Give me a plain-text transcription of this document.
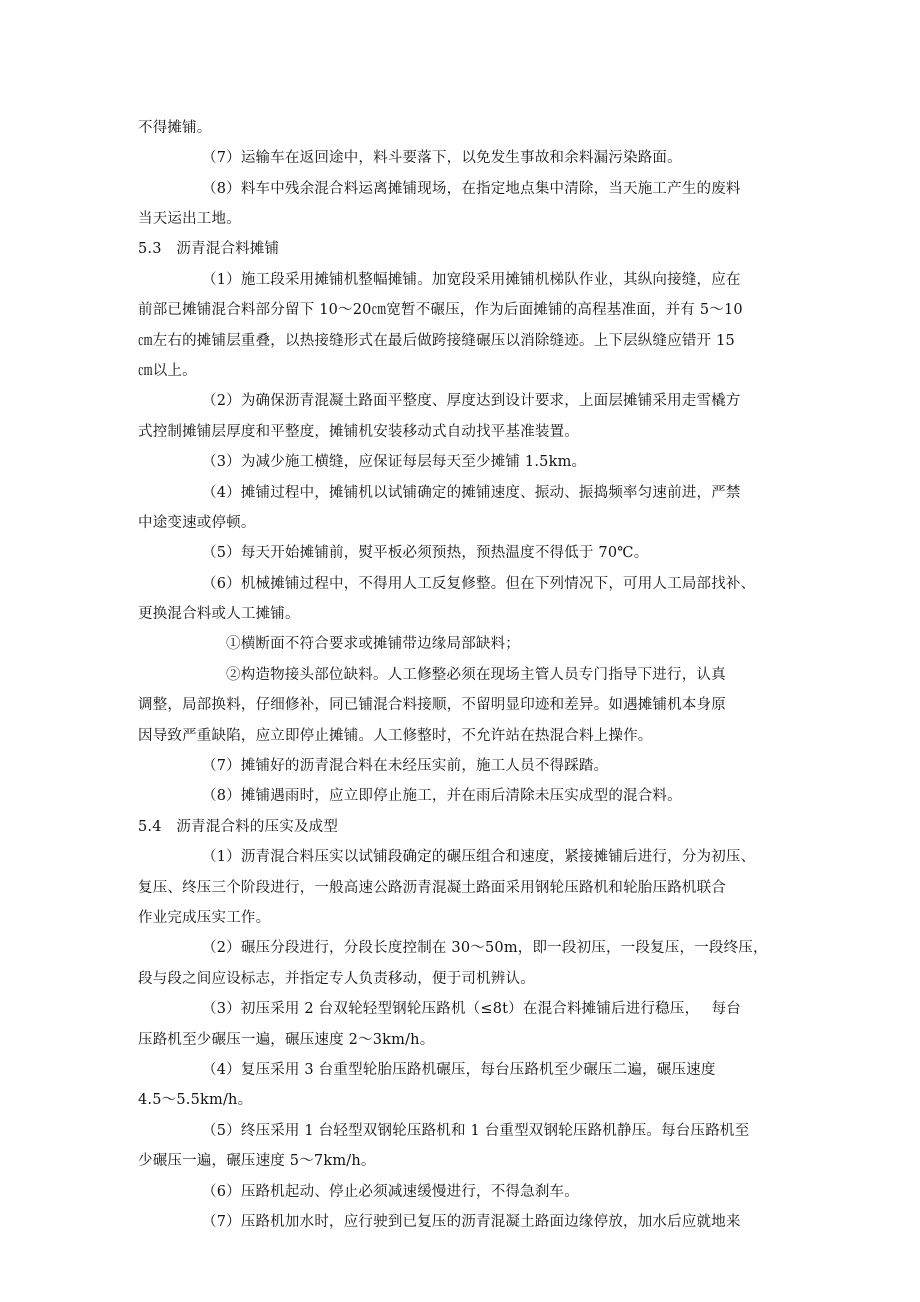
不得摊铺。
（7）运输车在返回途中，料斗要落下，以免发生事故和余料漏污染路面。
（8）料车中残余混合料运离摊铺现场，在指定地点集中清除，当天施工产生的废料
当天运出工地。
5.3　沥青混合料摊铺
（1）施工段采用摊铺机整幅摊铺。加宽段采用摊铺机梯队作业，其纵向接缝，应在
前部已摊铺混合料部分留下 10～20㎝宽暂不碾压，作为后面摊铺的高程基准面，并有 5～10
㎝左右的摊铺层重叠，以热接缝形式在最后做跨接缝碾压以消除缝迹。上下层纵缝应错开 15
㎝以上。
（2）为确保沥青混凝土路面平整度、厚度达到设计要求，上面层摊铺采用走雪橇方
式控制摊铺层厚度和平整度，摊铺机安装移动式自动找平基准装置。
（3）为减少施工横缝，应保证每层每天至少摊铺 1.5km。
（4）摊铺过程中，摊铺机以试铺确定的摊铺速度、振动、振捣频率匀速前进，严禁
中途变速或停顿。
（5）每天开始摊铺前，熨平板必须预热，预热温度不得低于 70℃。
（6）机械摊铺过程中，不得用人工反复修整。但在下列情况下，可用人工局部找补、
更换混合料或人工摊铺。
①横断面不符合要求或摊铺带边缘局部缺料；
②构造物接头部位缺料。人工修整必须在现场主管人员专门指导下进行，认真
调整，局部换料，仔细修补，同已铺混合料接顺，不留明显印迹和差异。如遇摊铺机本身原
因导致严重缺陷，应立即停止摊铺。人工修整时，不允许站在热混合料上操作。
（7）摊铺好的沥青混合料在未经压实前，施工人员不得踩踏。
（8）摊铺遇雨时，应立即停止施工，并在雨后清除未压实成型的混合料。
5.4　沥青混合料的压实及成型
（1）沥青混合料压实以试铺段确定的碾压组合和速度，紧接摊铺后进行，分为初压、
复压、终压三个阶段进行，一般高速公路沥青混凝土路面采用钢轮压路机和轮胎压路机联合
作业完成压实工作。
（2）碾压分段进行，分段长度控制在 30～50m，即一段初压，一段复压，一段终压，
段与段之间应设标志，并指定专人负责移动，便于司机辨认。
（3）初压采用 2 台双轮轻型钢轮压路机（≤8t）在混合料摊铺后进行稳压，　 每台
压路机至少碾压一遍，碾压速度 2～3km/h。
（4）复压采用 3 台重型轮胎压路机碾压，每台压路机至少碾压二遍，碾压速度
4.5～5.5km/h。
（5）终压采用 1 台轻型双钢轮压路机和 1 台重型双钢轮压路机静压。每台压路机至
少碾压一遍，碾压速度 5～7km/h。
（6）压路机起动、停止必须减速缓慢进行，不得急刹车。
（7）压路机加水时，应行驶到已复压的沥青混凝土路面边缘停放，加水后应就地来
